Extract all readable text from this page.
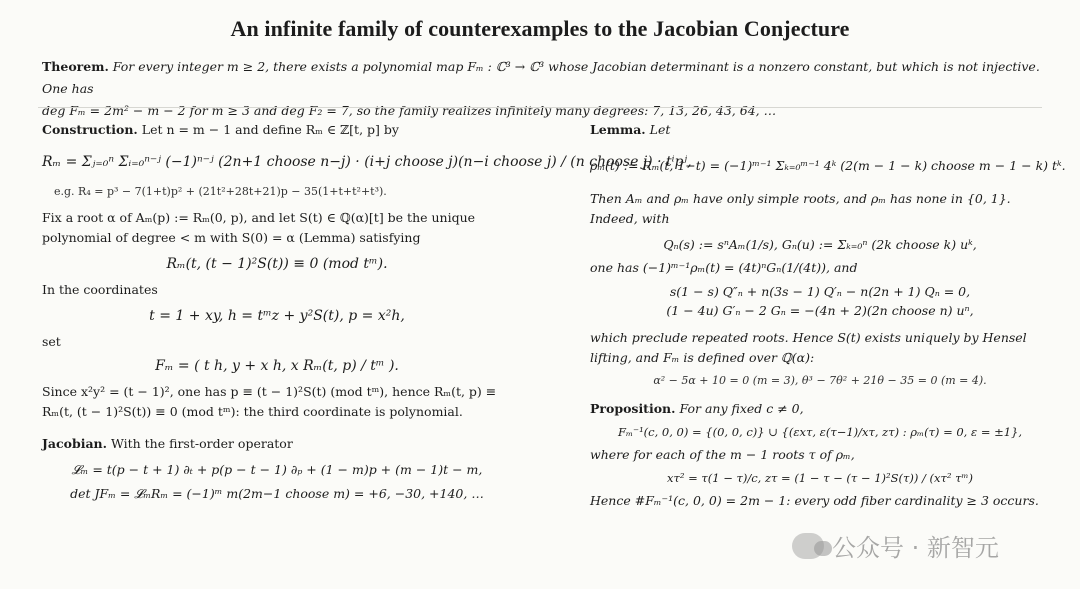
An infinite family of counterexamples to the Jacobian Conjecture
Theorem. For every integer m ≥ 2, there exists a polynomial map Fₘ : ℂ³ → ℂ³ whose Jacobian determinant is a nonzero constant, but which is not injective. One has
deg Fₘ = 2m² − m − 2 for m ≥ 3 and deg F₂ = 7, so the family realizes infinitely many degrees: 7, 13, 26, 43, 64, …

Construction. Let n = m − 1 and define Rₘ ∈ ℤ[t, p] by

Rₘ = Σⱼ₌₀ⁿ Σᵢ₌₀ⁿ⁻ʲ (−1)ⁿ⁻ʲ (2n+1 choose n−j) · (i+j choose j)(n−i choose j) / (n choose j) · tⁱpʲ,

e.g. R₄ = p³ − 7(1+t)p² + (21t²+28t+21)p − 35(1+t+t²+t³).

Fix a root α of Aₘ(p) := Rₘ(0, p), and let S(t) ∈ ℚ(α)[t] be the unique polynomial of degree < m with S(0) = α (Lemma) satisfying

Rₘ(t, (t − 1)²S(t)) ≡ 0 (mod tᵐ).

In the coordinates

t = 1 + xy, h = tᵐz + y²S(t), p = x²h,

set

Fₘ = ( t h, y + x h, x Rₘ(t, p) / tᵐ ).

Since x²y² = (t − 1)², one has p ≡ (t − 1)²S(t) (mod tᵐ), hence Rₘ(t, p) ≡ Rₘ(t, (t − 1)²S(t)) ≡ 0 (mod tᵐ): the third coordinate is polynomial.

Jacobian. With the first-order operator

𝓛ₘ = t(p − t + 1) ∂ₜ + p(p − t − 1) ∂ₚ + (1 − m)p + (m − 1)t − m,

det JFₘ = 𝓛ₘRₘ = (−1)ᵐ m(2m−1 choose m) = +6, −30, +140, …

Lemma. Let

ρₘ(t) := Rₘ(t, 1−t) = (−1)ᵐ⁻¹ Σₖ₌₀ᵐ⁻¹ 4ᵏ (2(m − 1 − k) choose m − 1 − k) tᵏ.

Then Aₘ and ρₘ have only simple roots, and ρₘ has none in {0, 1}. Indeed, with

Qₙ(s) := sⁿAₘ(1/s), Gₙ(u) := Σₖ₌₀ⁿ (2k choose k) uᵏ,

one has (−1)ᵐ⁻¹ρₘ(t) = (4t)ⁿGₙ(1/(4t)), and

s(1 − s) Q″ₙ + n(3s − 1) Q′ₙ − n(2n + 1) Qₙ = 0,

(1 − 4u) G′ₙ − 2 Gₙ = −(4n + 2)(2n choose n) uⁿ,

which preclude repeated roots. Hence S(t) exists uniquely by Hensel lifting, and Fₘ is defined over ℚ(α):

α² − 5α + 10 = 0 (m = 3), θ³ − 7θ² + 21θ − 35 = 0 (m = 4).

Proposition. For any fixed c ≠ 0,

Fₘ⁻¹(c, 0, 0) = {(0, 0, c)} ∪ {(εxτ, ε(τ−1)/xτ, zτ) : ρₘ(τ) = 0, ε = ±1},

where for each of the m − 1 roots τ of ρₘ,

xτ² = τ(1 − τ)/c, zτ = (1 − τ − (τ − 1)²S(τ)) / (xτ² τᵐ)

Hence #Fₘ⁻¹(c, 0, 0) = 2m − 1: every odd fiber cardinality ≥ 3 occurs.

公众号 · 新智元
